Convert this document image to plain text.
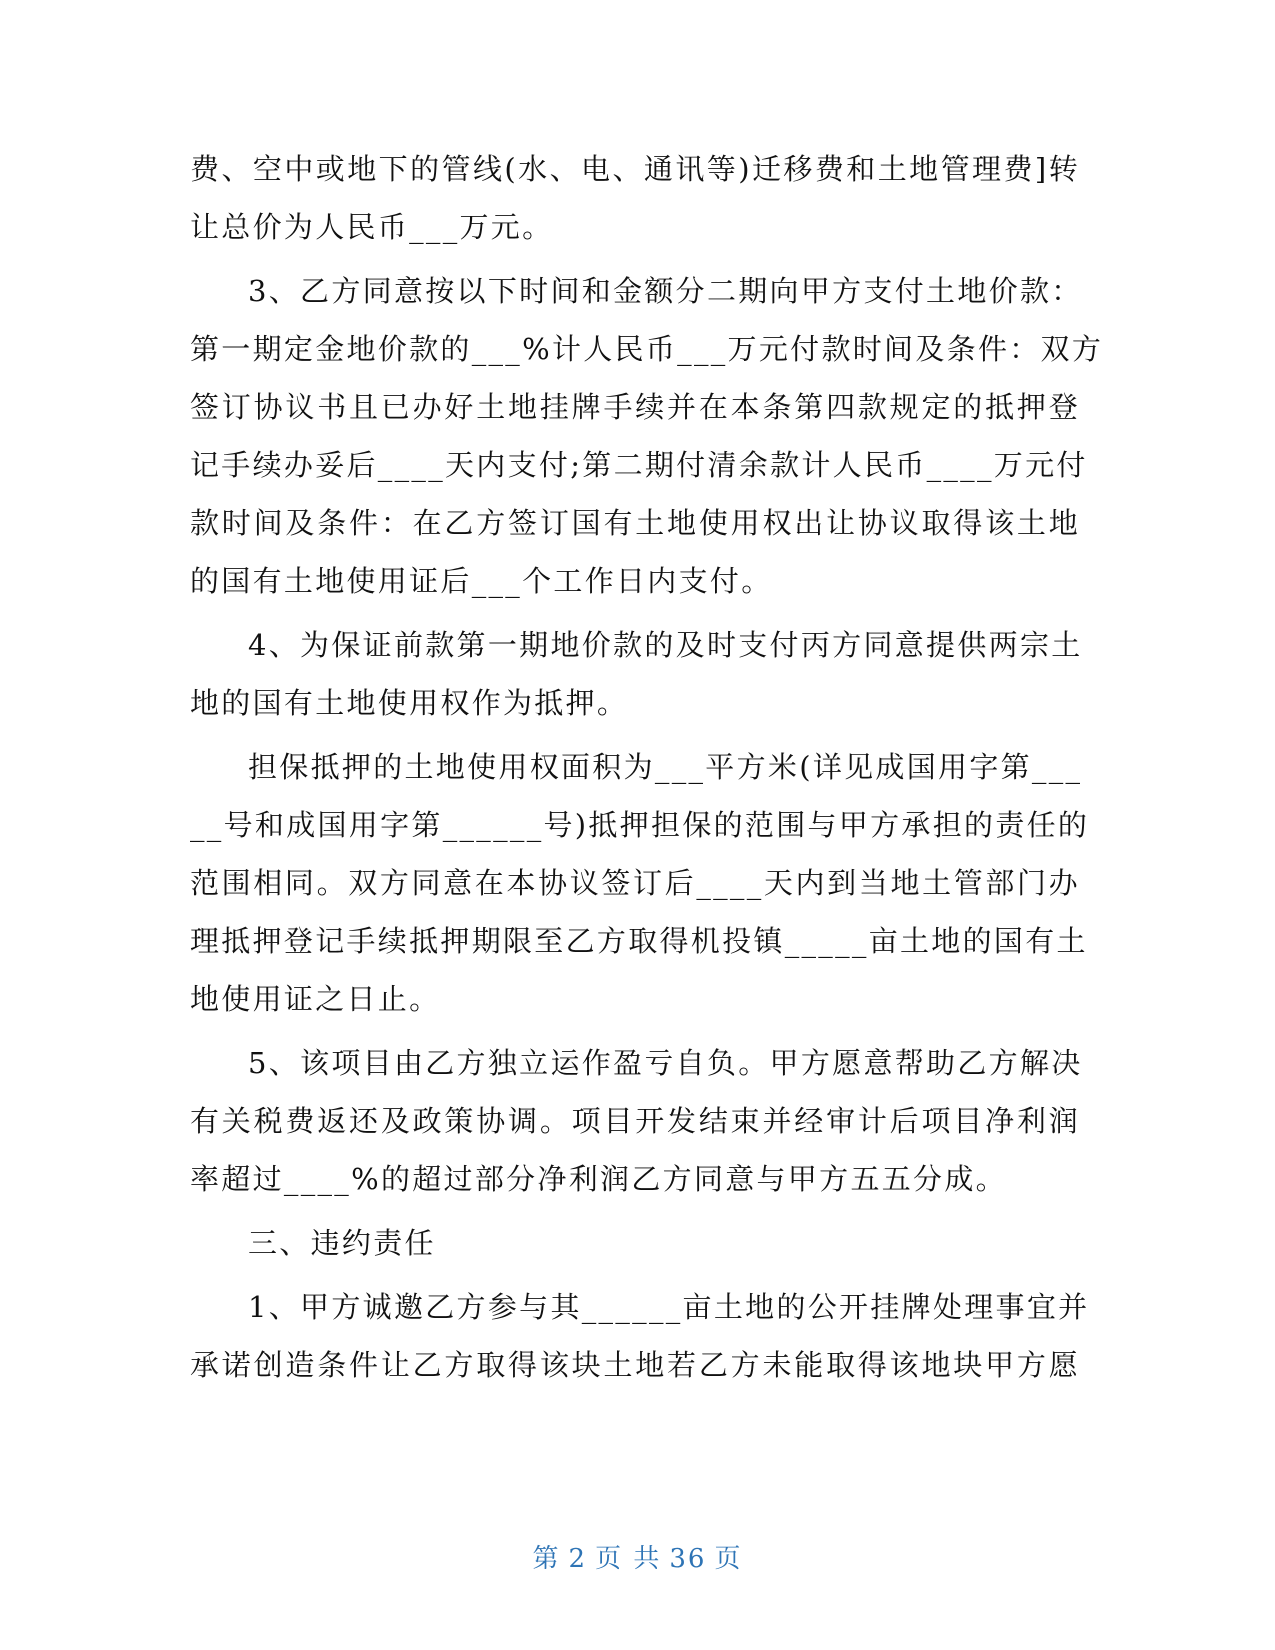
费、空中或地下的管线(水、电、通讯等)迁移费和土地管理费]转
让总价为人民币___万元。
3、乙方同意按以下时间和金额分二期向甲方支付土地价款：
第一期定金地价款的___%计人民币___万元付款时间及条件：双方
签订协议书且已办好土地挂牌手续并在本条第四款规定的抵押登
记手续办妥后____天内支付;第二期付清余款计人民币____万元付
款时间及条件：在乙方签订国有土地使用权出让协议取得该土地
的国有土地使用证后___个工作日内支付。
4、为保证前款第一期地价款的及时支付丙方同意提供两宗土
地的国有土地使用权作为抵押。
担保抵押的土地使用权面积为___平方米(详见成国用字第___
__号和成国用字第______号)抵押担保的范围与甲方承担的责任的
范围相同。双方同意在本协议签订后____天内到当地土管部门办
理抵押登记手续抵押期限至乙方取得机投镇_____亩土地的国有土
地使用证之日止。
5、该项目由乙方独立运作盈亏自负。甲方愿意帮助乙方解决
有关税费返还及政策协调。项目开发结束并经审计后项目净利润
率超过____%的超过部分净利润乙方同意与甲方五五分成。
三、违约责任
1、甲方诚邀乙方参与其______亩土地的公开挂牌处理事宜并
承诺创造条件让乙方取得该块土地若乙方未能取得该地块甲方愿
第 2 页 共 36 页
